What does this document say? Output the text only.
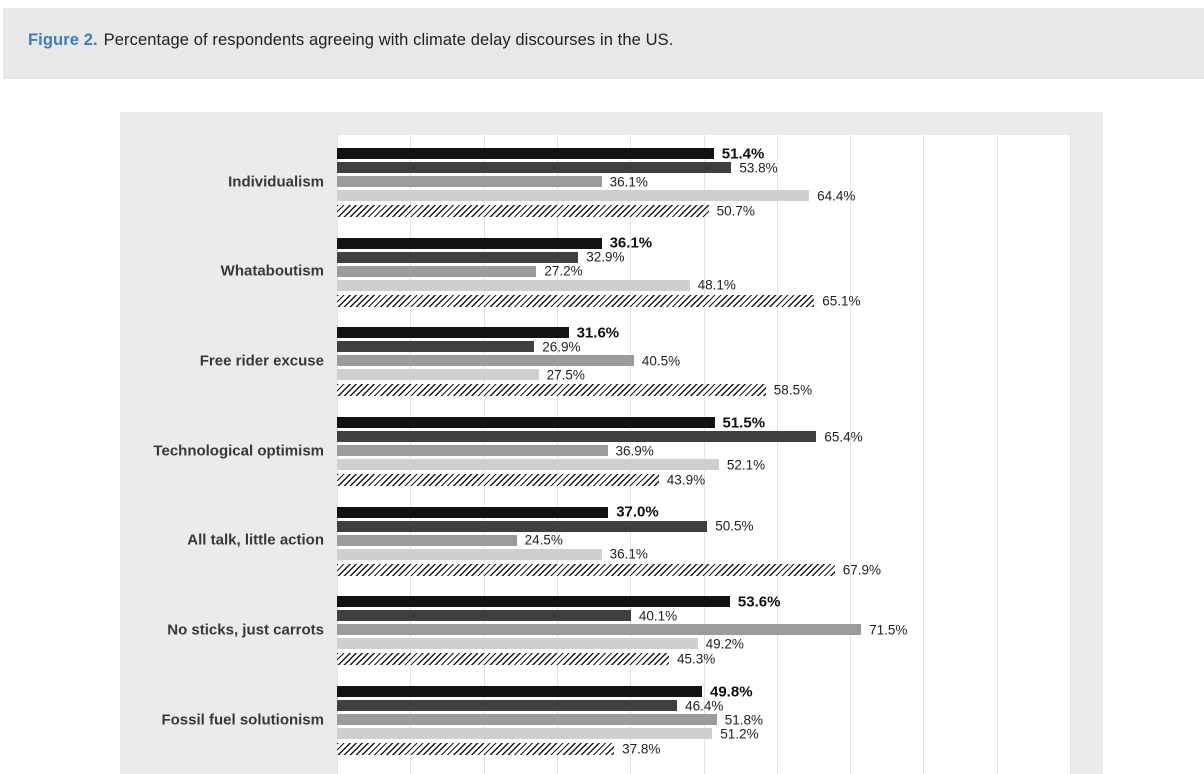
Figure 2. Percentage of respondents agreeing with climate delay discourses in the US.
Individualism
51.4%
53.8%
36.1%
64.4%
50.7%
Whataboutism
36.1%
32.9%
27.2%
48.1%
65.1%
Free rider excuse
31.6%
26.9%
40.5%
27.5%
58.5%
Technological optimism
51.5%
65.4%
36.9%
52.1%
43.9%
All talk, little action
37.0%
50.5%
24.5%
36.1%
67.9%
No sticks, just carrots
53.6%
40.1%
71.5%
49.2%
45.3%
Fossil fuel solutionism
49.8%
46.4%
51.8%
51.2%
37.8%
